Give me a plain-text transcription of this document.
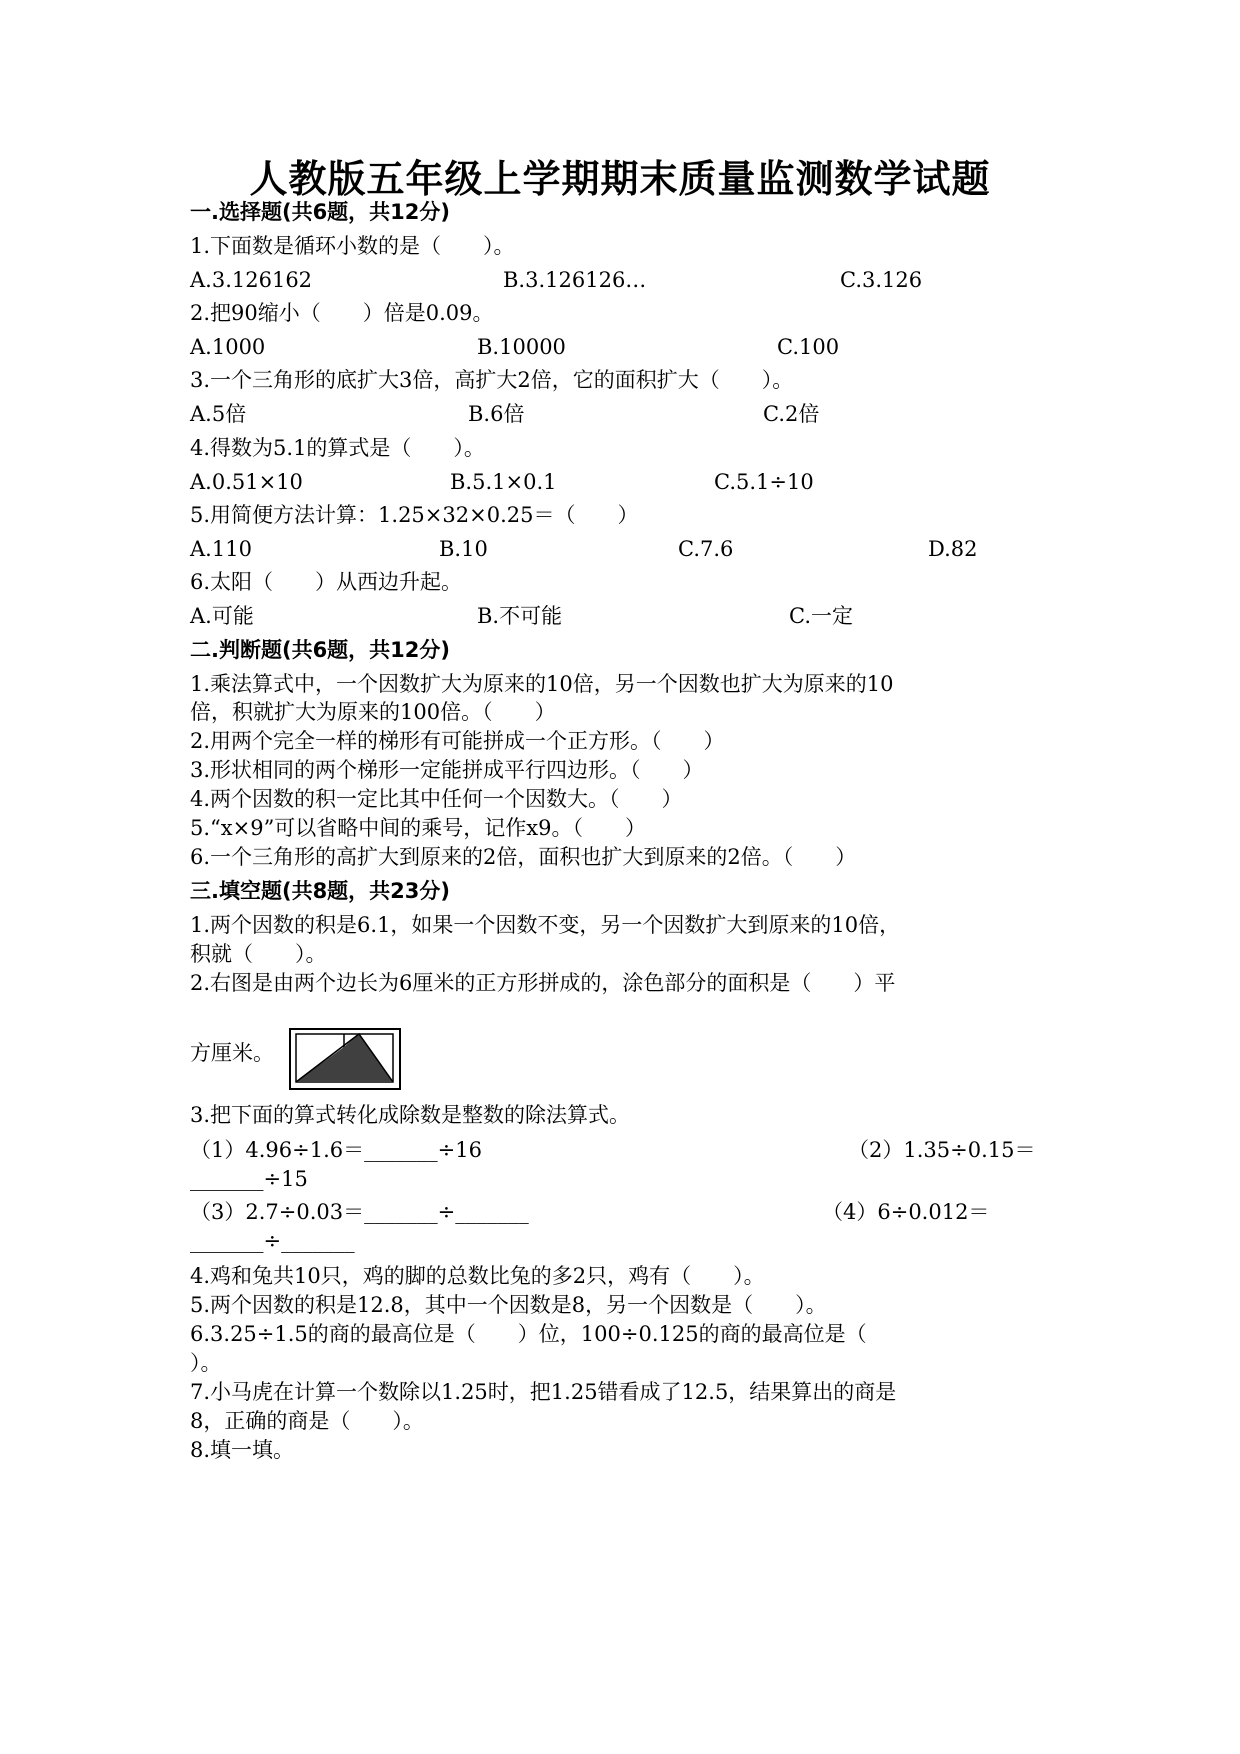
人教版五年级上学期期末质量监测数学试题
一.选择题(共6题，共12分)
1.下面数是循环小数的是（　　）。
A.3.126162	B.3.126126…	C.3.126
2.把90缩小（　　）倍是0.09。
A.1000	B.10000	C.100
3.一个三角形的底扩大3倍，高扩大2倍，它的面积扩大（　　）。
A.5倍	B.6倍	C.2倍
4.得数为5.1的算式是（　　）。
A.0.51×10	B.5.1×0.1	C.5.1÷10
5.用简便方法计算：1.25×32×0.25＝（　　）
A.110	B.10	C.7.6	D.82
6.太阳（　　）从西边升起。
A.可能	B.不可能	C.一定
二.判断题(共6题，共12分)
1.乘法算式中，一个因数扩大为原来的10倍，另一个因数也扩大为原来的10
倍，积就扩大为原来的100倍。（　　）
2.用两个完全一样的梯形有可能拼成一个正方形。（　　）
3.形状相同的两个梯形一定能拼成平行四边形。（　　）
4.两个因数的积一定比其中任何一个因数大。（　　）
5.“x×9”可以省略中间的乘号，记作x9。（　　）
6.一个三角形的高扩大到原来的2倍，面积也扩大到原来的2倍。（　　）
三.填空题(共8题，共23分)
1.两个因数的积是6.1，如果一个因数不变，另一个因数扩大到原来的10倍，
积就（　　）。
2.右图是由两个边长为6厘米的正方形拼成的，涂色部分的面积是（　　）平
方厘米。
3.把下面的算式转化成除数是整数的除法算式。
（1）4.96÷1.6＝_______÷16	（2）1.35÷0.15＝
_______÷15
（3）2.7÷0.03＝_______÷_______	（4）6÷0.012＝
_______÷_______
4.鸡和兔共10只，鸡的脚的总数比兔的多2只，鸡有（　　）。
5.两个因数的积是12.8，其中一个因数是8，另一个因数是（　　）。
6.3.25÷1.5的商的最高位是（　　）位，100÷0.125的商的最高位是（
）。
7.小马虎在计算一个数除以1.25时，把1.25错看成了12.5，结果算出的商是
8，正确的商是（　　）。
8.填一填。
